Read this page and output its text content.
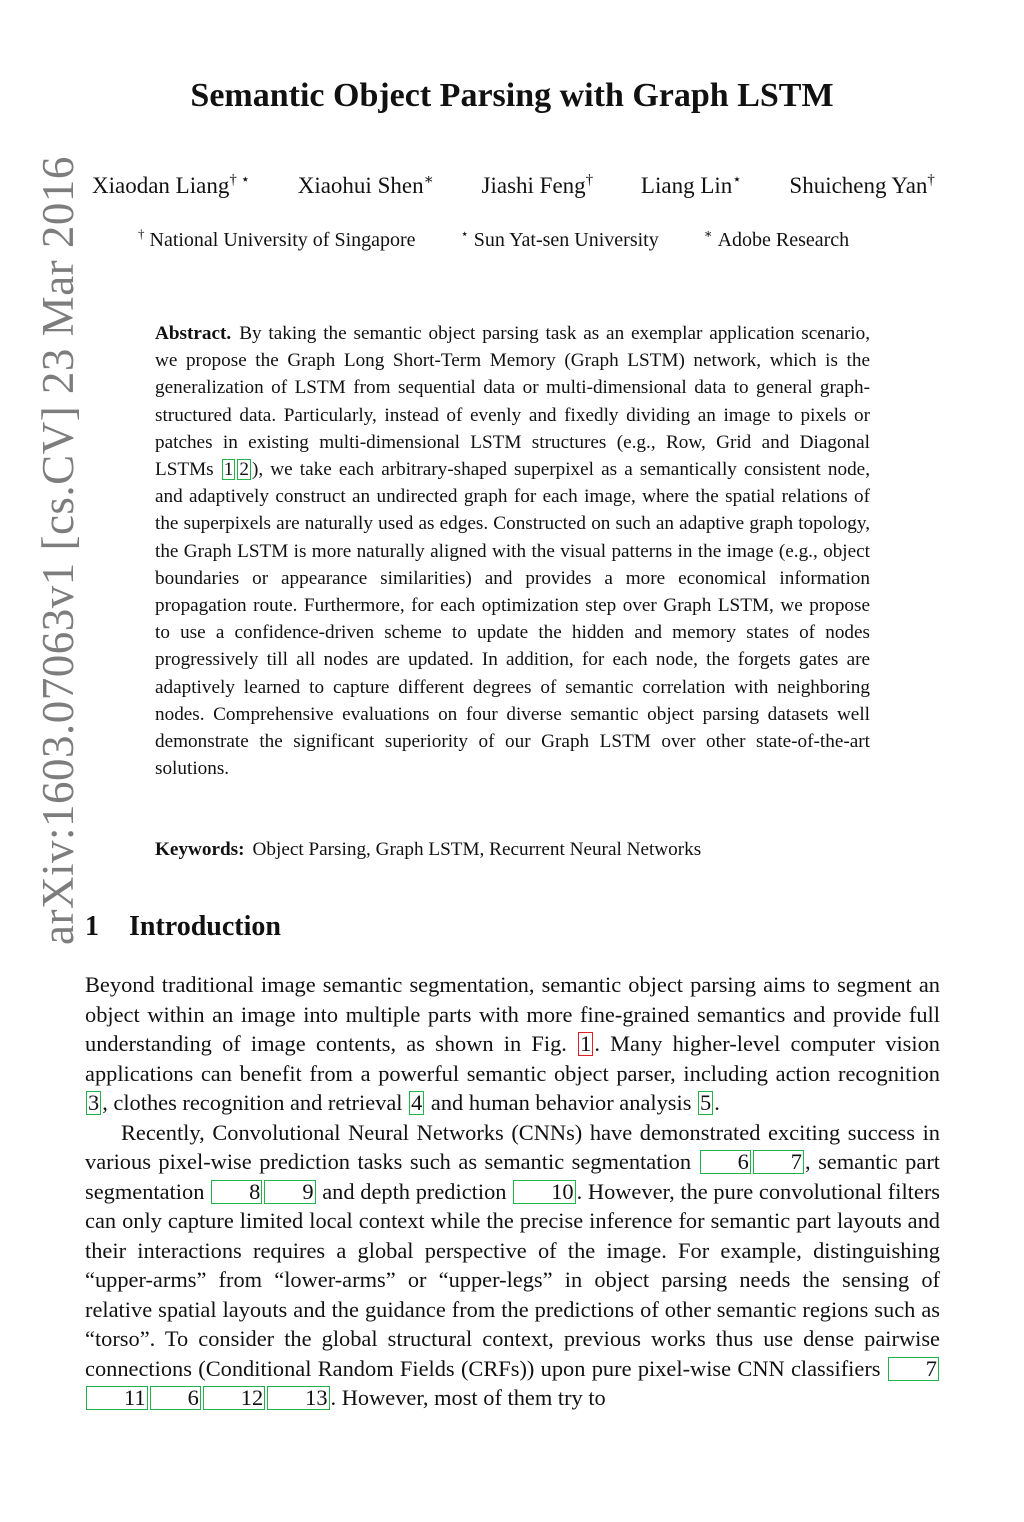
arXiv:1603.07063v1 [cs.CV] 23 Mar 2016
Semantic Object Parsing with Graph LSTM
Xiaodan Liang† ⋆ Xiaohui Shen∗ Jiashi Feng† Liang Lin⋆ Shuicheng Yan†
† National University of Singapore	⋆ Sun Yat-sen University	∗ Adobe Research
Abstract. By taking the semantic object parsing task as an exemplar application scenario, we propose the Graph Long Short-Term Memory (Graph LSTM) network, which is the generalization of LSTM from sequential data or multi-dimensional data to general graph-structured data. Particularly, instead of evenly and fixedly dividing an image to pixels or patches in existing multi-dimensional LSTM structures (e.g., Row, Grid and Diagonal LSTMs 1 2 ), we take each arbitrary-shaped superpixel as a semantically consistent node, and adaptively construct an undirected graph for each image, where the spatial relations of the superpixels are naturally used as edges. Constructed on such an adaptive graph topology, the Graph LSTM is more naturally aligned with the visual patterns in the image (e.g., object boundaries or appearance similarities) and provides a more economical information propagation route. Furthermore, for each optimization step over Graph LSTM, we propose to use a confidence-driven scheme to update the hidden and memory states of nodes progressively till all nodes are updated. In addition, for each node, the forgets gates are adaptively learned to capture different degrees of semantic correlation with neighboring nodes. Comprehensive evaluations on four diverse semantic object parsing datasets well demonstrate the significant superiority of our Graph LSTM over other state-of-the-art solutions.
Keywords: Object Parsing, Graph LSTM, Recurrent Neural Networks
1 Introduction

Beyond traditional image semantic segmentation, semantic object parsing aims to segment an object within an image into multiple parts with more fine-grained semantics and provide full understanding of image contents, as shown in Fig. 1 . Many higher-level computer vision applications can benefit from a powerful semantic object parser, including action recognition 3 , clothes recognition and retrieval 4 and human behavior analysis 5 .

Recently, Convolutional Neural Networks (CNNs) have demonstrated exciting success in various pixel-wise prediction tasks such as semantic segmentation 6 7 , semantic part segmentation 8 9 and depth prediction 10 . However, the pure convolutional filters can only capture limited local context while the precise inference for semantic part layouts and their interactions requires a global perspective of the image. For example, distinguishing “upper-arms” from “lower-arms” or “upper-legs” in object parsing needs the sensing of relative spatial layouts and the guidance from the predictions of other semantic regions such as “torso”. To consider the global structural context, previous works thus use dense pairwise connections (Conditional Random Fields (CRFs)) upon pure pixel-wise CNN classifiers 711 6 12 13 . However, most of them try to
